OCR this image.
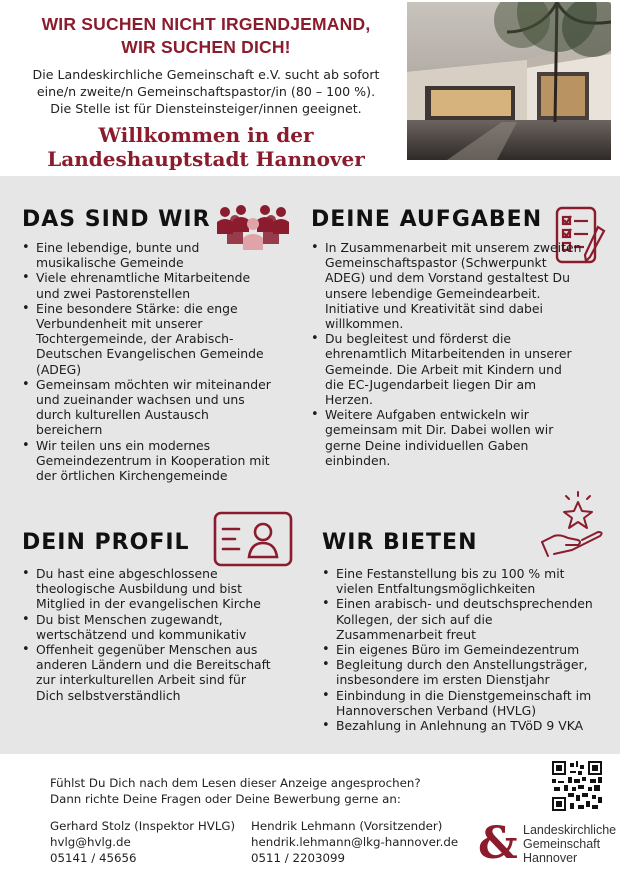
WIR SUCHEN NICHT IRGENDJEMAND,
WIR SUCHEN DICH!
Die Landeskirchliche Gemeinschaft e.V. sucht ab sofort
eine/n zweite/n Gemeinschaftspastor/in (80 – 100 %).
Die Stelle ist für Diensteinsteiger/innen geeignet.
Willkommen in der
Landeshauptstadt Hannover
DAS SIND WIR
• Eine lebendige, bunte und musikalische Gemeinde
• Viele ehrenamtliche Mitarbeitende und zwei Pastorenstellen
• Eine besondere Stärke: die enge Verbundenheit mit unserer Tochtergemeinde, der Arabisch-Deutschen Evangelischen Gemeinde (ADEG)
• Gemeinsam möchten wir miteinander und zueinander wachsen und uns durch kulturellen Austausch bereichern
• Wir teilen uns ein modernes Gemeindezentrum in Kooperation mit der örtlichen Kirchengemeinde
DEINE AUFGABEN
• In Zusammenarbeit mit unserem zweiten Gemeinschaftspastor (Schwerpunkt ADEG) und dem Vorstand gestaltest Du unsere lebendige Gemeindearbeit. Initiative und Kreativität sind dabei willkommen.
• Du begleitest und förderst die ehrenamtlich Mitarbeitenden in unserer Gemeinde. Die Arbeit mit Kindern und die EC-Jugendarbeit liegen Dir am Herzen.
• Weitere Aufgaben entwickeln wir gemeinsam mit Dir. Dabei wollen wir gerne Deine individuellen Gaben einbinden.
DEIN PROFIL
• Du hast eine abgeschlossene theologische Ausbildung und bist Mitglied in der evangelischen Kirche
• Du bist Menschen zugewandt, wertschätzend und kommunikativ
• Offenheit gegenüber Menschen aus anderen Ländern und die Bereitschaft zur interkulturellen Arbeit sind für Dich selbstverständlich
WIR BIETEN
• Eine Festanstellung bis zu 100 % mit vielen Entfaltungsmöglichkeiten
• Einen arabisch- und deutschsprechenden Kollegen, der sich auf die Zusammenarbeit freut
• Ein eigenes Büro im Gemeindezentrum
• Begleitung durch den Anstellungsträger, insbesondere im ersten Dienstjahr
• Einbindung in die Dienstgemeinschaft im Hannoverschen Verband (HVLG)
• Bezahlung in Anlehnung an TVöD 9 VKA
Fühlst Du Dich nach dem Lesen dieser Anzeige angesprochen?
Dann richte Deine Fragen oder Deine Bewerbung gerne an:
Gerhard Stolz (Inspektor HVLG)
hvlg@hvlg.de
05141 / 45656
Hendrik Lehmann (Vorsitzender)
hendrik.lehmann@lkg-hannover.de
0511 / 2203099	& Landeskirchliche
Gemeinschaft
Hannover
